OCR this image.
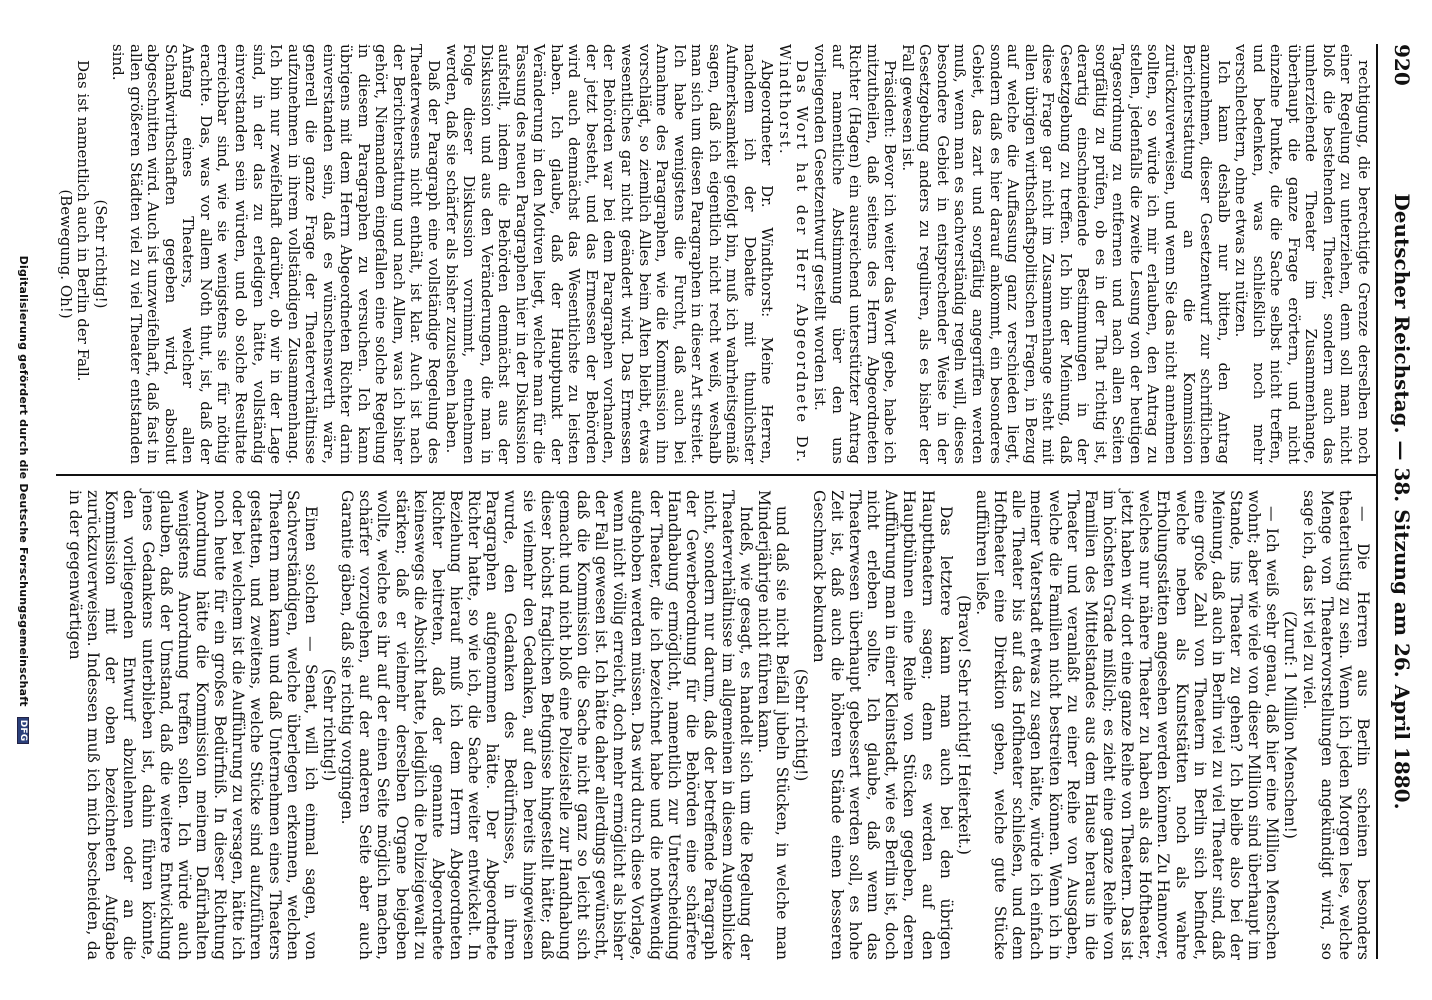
920
Deutscher Reichstag. — 38. Sitzung am 26. April 1880.

rechtigung, die berechtigte Grenze derselben noch einer Regelung zu unterziehen, denn soll man nicht bloß die bestehenden Theater, sondern auch das umherziehende Theater im Zusammenhange, überhaupt die ganze Frage erörtern, und nicht einzelne Punkte, die die Sache selbst nicht treffen, und bedenken, was schließlich noch mehr verschlechtern, ohne etwas zu nützen.

Ich kann deshalb nur bitten, den Antrag anzunehmen, dieser Gesetzentwurf zur schriftlichen Berichterstattung an die Kommission zurückzuverweisen, und wenn Sie das nicht annehmen sollten, so würde ich mir erlauben, den Antrag zu stellen, jedenfalls die zweite Lesung von der heutigen Tagesordnung zu entfernen und nach allen Seiten sorgfältig zu prüfen, ob es in der That richtig ist, derartig einschneidende Bestimmungen in der Gesetzgebung zu treffen. Ich bin der Meinung, daß diese Frage gar nicht im Zusammenhange steht mit allen übrigen wirthschaftspolitischen Fragen, in Bezug auf welche die Auffassung ganz verschieden liegt, sondern daß es hier darauf ankommt, ein besonderes Gebiet, das zart und sorgfältig angegriffen werden muß, wenn man es sachverständig regeln will, dieses besondere Gebiet in entsprechender Weise in der Gesetzgebung anders zu reguliren, als es bisher der Fall gewesen ist.

Präsident: Bevor ich weiter das Wort gebe, habe ich mitzutheilen, daß seitens des Herrn Abgeordneten Richter (Hagen) ein ausreichend unterstützter Antrag auf namentliche Abstimmung über den uns vorliegenden Gesetzentwurf gestellt worden ist.

Das Wort hat der Herr Abgeordnete Dr. Windthorst.

Abgeordneter Dr. Windthorst: Meine Herren, nachdem ich der Debatte mit thunlichster Aufmerksamkeit gefolgt bin, muß ich wahrheitsgemäß sagen, daß ich eigentlich nicht recht weiß, weshalb man sich um diesen Paragraphen in dieser Art streitet. Ich habe wenigstens die Furcht, daß auch bei Annahme des Paragraphen, wie die Kommission ihn vorschlägt, so ziemlich Alles beim Alten bleibt, etwas wesentliches gar nicht geändert wird. Das Ermessen der Behörden war bei dem Paragraphen vorhanden, der jetzt besteht, und das Ermessen der Behörden wird auch demnächst das Wesentlichste zu leisten haben. Ich glaube, daß der Hauptpunkt der Veränderung in den Motiven liegt, welche man für die Fassung des neuen Paragraphen hier in der Diskussion aufstellt, indem die Behörden demnächst aus der Diskussion und aus den Veränderungen, die man in Folge dieser Diskussion vornimmt, entnehmen werden, daß sie schärfer als bisher zuzusehen haben.

Daß der Paragraph eine vollständige Regelung des Theaterwesens nicht enthält, ist klar. Auch ist nach der Berichterstattung und nach Allem, was ich bisher gehört, Niemandem eingefallen eine solche Regelung in diesem Paragraphen zu versuchen. Ich kann übrigens mit dem Herrn Abgeordneten Richter darin einverstanden sein, daß es wünschenswerth wäre, generell die ganze Frage der Theaterverhältnisse aufzunehmen in ihrem vollständigen Zusammenhang. Ich bin nur zweifelhaft darüber, ob wir in der Lage sind, in der das zu erledigen hätte, vollständig einverstanden sein würden, und ob solche Resultate erreichbar sind, wie sie wenigstens sie für nöthig erachte. Das, was vor allem Noth thut, ist, daß der Anfang eines Theaters, welcher allen Schankwirthschaften gegeben wird, absolut abgeschnitten wird. Auch ist unzweifelhaft, daß fast in allen größeren Städten viel zu viel Theater entstanden sind.

(Sehr richtig!)

Das ist namentlich auch in Berlin der Fall.

(Bewegung. Oh!)

— Die Herren aus Berlin scheinen besonders theaterlustig zu sein. Wenn ich jeden Morgen lese, welche Menge von Theatervorstellungen angekündigt wird, so sage ich, das ist viel zu viel.

(Zuruf: 1 Million Menschen!)

— Ich weiß sehr genau, daß hier eine Million Menschen wohnt; aber wie viele von dieser Million sind überhaupt im Stande, ins Theater zu gehen? Ich bleibe also bei der Meinung, daß auch in Berlin viel zu viel Theater sind, daß eine große Zahl von Theatern in Berlin sich befindet, welche neben als Kunststätten noch als wahre Erholungsstätten angesehen werden können. Zu Hannover, welches nur nähere Theater zu haben als das Hoftheater, jetzt haben wir dort eine ganze Reihe von Theatern. Das ist im höchsten Grade mißlich; es zieht eine ganze Reihe von Familien des Mittelstandes aus dem Hause heraus in die Theater und veranlaßt zu einer Reihe von Ausgaben, welche die Familien nicht bestreiten können. Wenn ich in meiner Vaterstadt etwas zu sagen hätte, würde ich einfach alle Theater bis auf das Hoftheater schließen, und dem Hoftheater eine Direktion geben, welche gute Stücke aufführen ließe.

(Bravo! Sehr richtig! Heiterkeit.)

Das letztere kann man auch bei den übrigen Haupttheatern sagen; denn es werden auf den Hauptbühnen eine Reihe von Stücken gegeben, deren Aufführung man in einer Kleinstadt, wie es Berlin ist, doch nicht erleben sollte. Ich glaube, daß wenn das Theaterwesen überhaupt gebessert werden soll, es hohe Zeit ist, daß auch die höheren Stände einen besseren Geschmack bekunden

(Sehr richtig!)

und daß sie nicht Beifall jubeln Stücken, in welche man Minderjährige nicht führen kann.

Indeß, wie gesagt, es handelt sich um die Regelung der Theaterverhältnisse im allgemeinen in diesem Augenblicke nicht, sondern nur darum, daß der betreffende Paragraph der Gewerbeordnung für die Behörden eine schärfere Handhabung ermöglicht, namentlich zur Unterscheidung der Theater, die ich bezeichnet habe und die nothwendig aufgehoben werden müssen. Das wird durch diese Vorlage, wenn nicht völlig erreicht, doch mehr ermöglicht als bisher der Fall gewesen ist. Ich hätte daher allerdings gewünscht, daß die Kommission die Sache nicht ganz so leicht sich gemacht und nicht bloß eine Polizeistelle zur Handhabung dieser höchst fraglichen Befugnisse hingestellt hätte; daß sie vielmehr den Gedanken, auf den bereits hingewiesen wurde, den Gedanken des Bedürfnisses, in ihren Paragraphen aufgenommen hätte. Der Abgeordnete Richter hatte, so wie ich, die Sache weiter entwickelt. In Beziehung hierauf muß ich dem Herrn Abgeordneten Richter beitreten, daß der genannte Abgeordnete keineswegs die Absicht hatte, lediglich die Polizeigewalt zu stärken; daß er vielmehr derselben Organe beigeben wollte, welche es ihr auf der einen Seite möglich machen, schärfer vorzugehen, auf der anderen Seite aber auch Garantie gäben, daß sie richtig vorgingen.

(Sehr richtig!)

Einen solchen — Senat, will ich einmal sagen, von Sachverständigen, welche überlegen erkennen, welchen Theatern man kann und daß Unternehmen eines Theaters gestatten, und zweitens, welche Stücke sind aufzuführen oder bei welchem ist die Aufführung zu versagen, hätte ich noch heute für ein großes Bedürfniß. In dieser Richtung Anordnung hätte die Kommission meinem Dafürhalten wenigstens Anordnung treffen sollen. Ich würde auch glauben, daß der Umstand, daß die weitere Entwicklung jenes Gedankens unterblieben ist, dahin führen könnte, den vorliegenden Entwurf abzulehnen oder an die Kommission mit der oben bezeichneten Aufgabe zurückzuverweisen. Indessen muß ich mich bescheiden, da in der gegenwärtigen

Digitalisierung gefördert durch die Deutsche Forschungsgemeinschaft DFG
